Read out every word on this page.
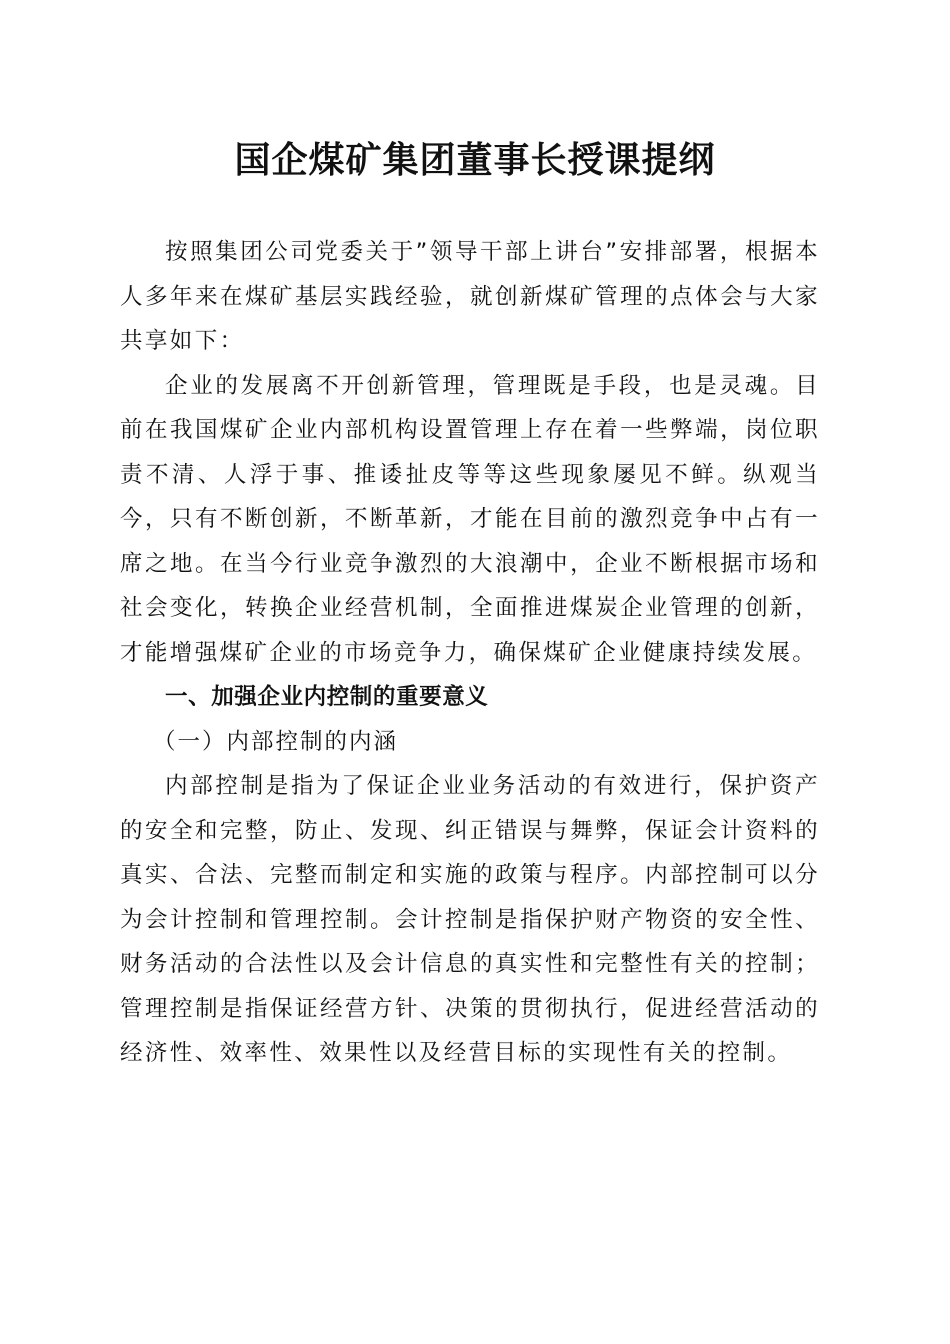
国企煤矿集团董事长授课提纲

按照集团公司党委关于”领导干部上讲台”安排部署，根据本人多年来在煤矿基层实践经验，就创新煤矿管理的点体会与大家共享如下：

企业的发展离不开创新管理，管理既是手段，也是灵魂。目前在我国煤矿企业内部机构设置管理上存在着一些弊端，岗位职责不清、人浮于事、推诿扯皮等等这些现象屡见不鲜。纵观当今，只有不断创新，不断革新，才能在目前的激烈竞争中占有一席之地。在当今行业竞争激烈的大浪潮中，企业不断根据市场和社会变化，转换企业经营机制，全面推进煤炭企业管理的创新，才能增强煤矿企业的市场竞争力，确保煤矿企业健康持续发展。

一、加强企业内控制的重要意义

（一）内部控制的内涵

内部控制是指为了保证企业业务活动的有效进行，保护资产的安全和完整，防止、发现、纠正错误与舞弊，保证会计资料的真实、合法、完整而制定和实施的政策与程序。内部控制可以分为会计控制和管理控制。会计控制是指保护财产物资的安全性、财务活动的合法性以及会计信息的真实性和完整性有关的控制；管理控制是指保证经营方针、决策的贯彻执行，促进经营活动的经济性、效率性、效果性以及经营目标的实现性有关的控制。
